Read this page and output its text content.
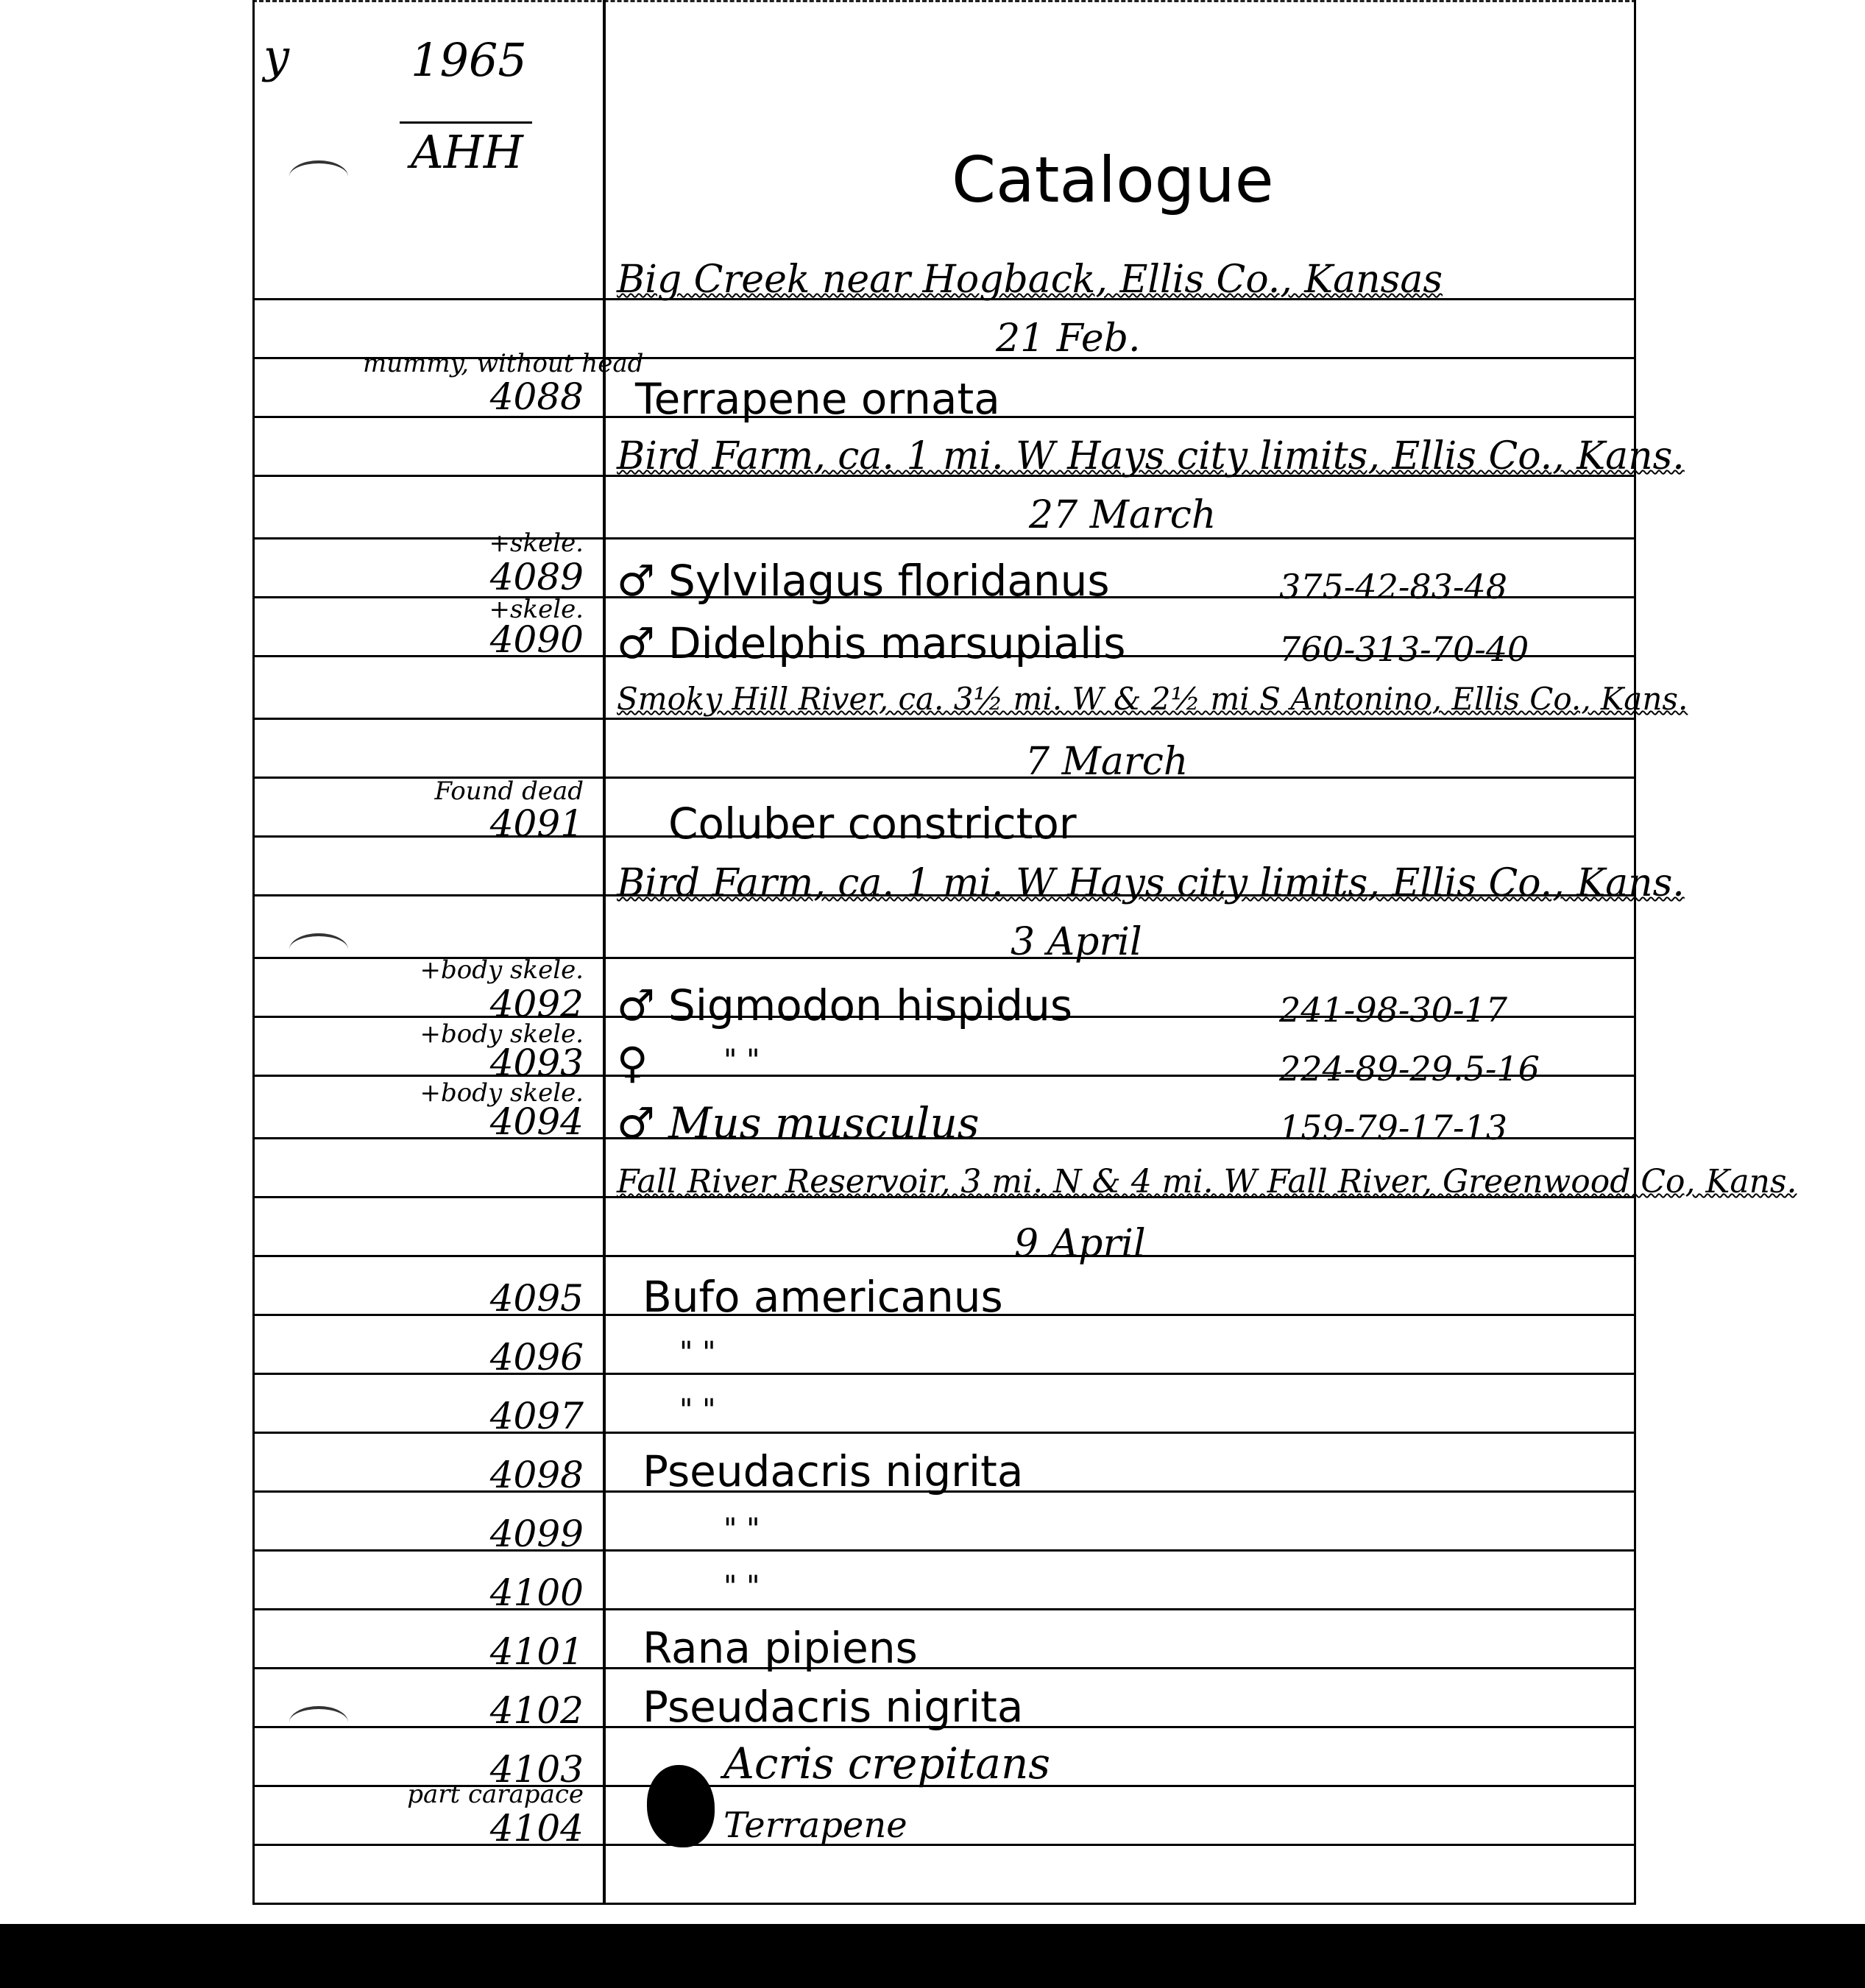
y	1965
AHH	Catalogue
Big Creek near Hogback, Ellis Co., Kansas
21 Feb.
mummy, without head
4088 Terrapene ornata
Bird Farm, ca. 1 mi. W Hays city limits, Ellis Co., Kans.
27 March
+skele.
4089 ♂ Sylvilagus floridanus	375-42-83-48
+skele.
4090 ♂ Didelphis marsupialis	760-313-70-40
Smoky Hill River, ca. 3½ mi. W & 2½ mi S Antonino, Ellis Co., Kans.
7 March
Found dead
4091 Coluber constrictor
Bird Farm, ca. 1 mi. W Hays city limits, Ellis Co., Kans.
3 April
+body skele.
4092 ♂ Sigmodon hispidus	241-98-30-17
+body skele.
4093 ♀	" "	224-89-29.5-16
+body skele.
4094 ♂ Mus musculus	159-79-17-13
Fall River Reservoir, 3 mi. N & 4 mi. W Fall River, Greenwood Co, Kans.
9 April
4095 Bufo americanus
4096	" "
4097	" "
4098 Pseudacris nigrita
4099	" "
4100	" "
4101 Rana pipiens
4102 Pseudacris nigrita
4103	Acris crepitans
part carapace
4104	Terrapene
